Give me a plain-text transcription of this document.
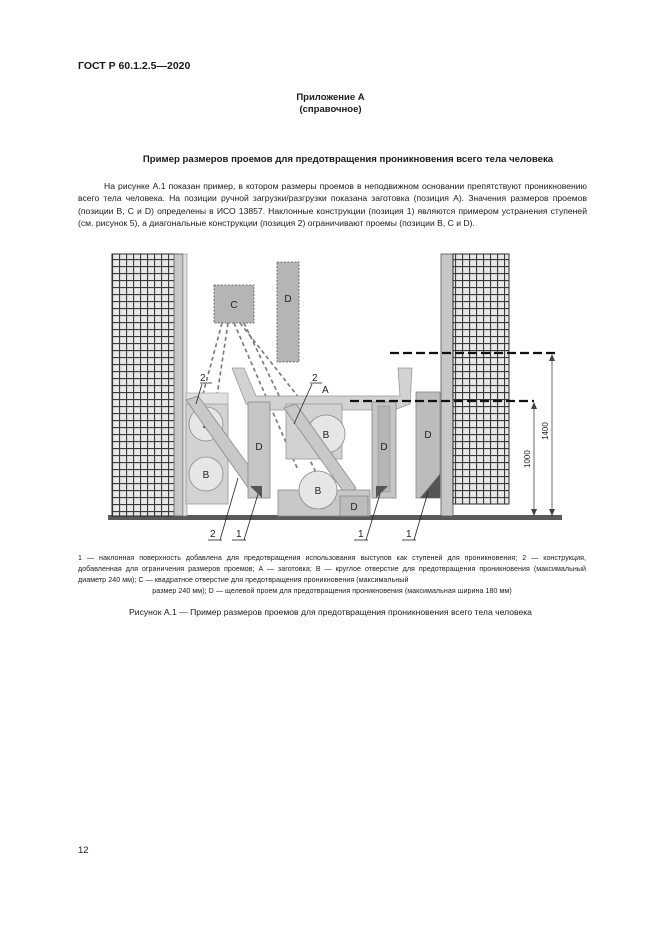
ГОСТ Р 60.1.2.5—2020
Приложение А
(справочное)
Пример размеров проемов для предотвращения проникновения всего тела человека

На рисунке А.1 показан пример, в котором размеры проемов в неподвижном основании препятствуют проникновению всего тела человека. На позиции ручной загрузки/разгрузки показана заготовка (позиция А). Значения размеров проемов (позиции B, C и D) определены в ИСО 13857. Наклонные конструкции (позиция 1) являются примером устранения ступеней (см. рисунок 5), а диагональные конструкции (позиция 2) ограничивают проемы (позиции B, C и D).

C
D
A
B
D
B
B
D
D
D
1000
1400
2	2
2 1	1	1
1 — наклонная поверхность добавлена для предотвращения использования выступов как ступеней для проникновения; 2 — конструкция, добавленная для ограничения размеров проемов; A — заготовка; B — круглое отверстие для предотвращения проникновения (максимальный диаметр 240 мм); C — квадратное отверстие для предотвращения проникновения (максимальный
размер 240 мм); D — щелевой проем для предотвращения проникновения (максимальная ширина 180 мм)
Рисунок А.1 — Пример размеров проемов для предотвращения проникновения всего тела человека
12
